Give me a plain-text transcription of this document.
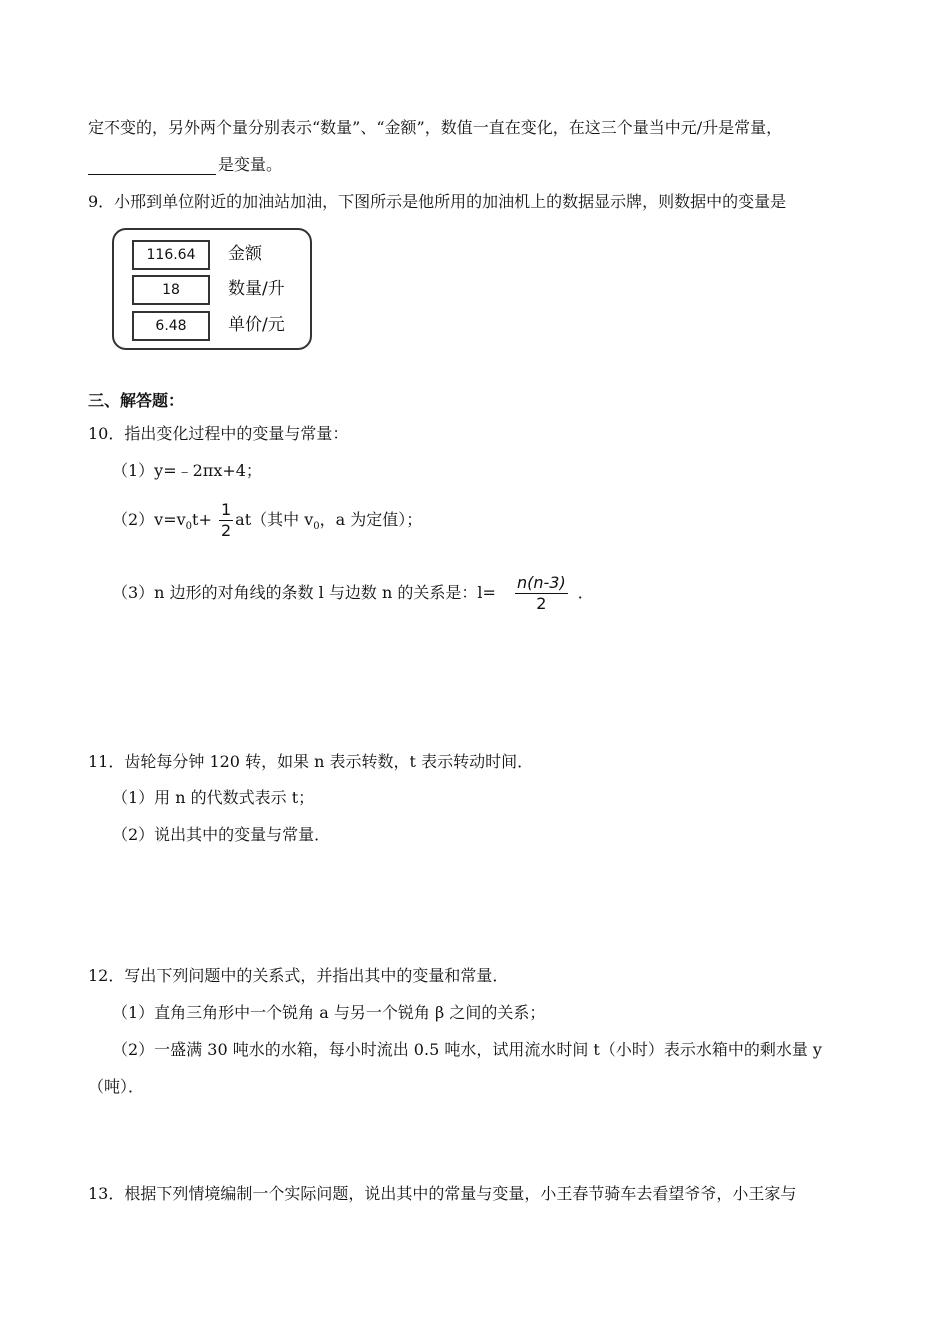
定不变的，另外两个量分别表示“数量”、“金额”，数值一直在变化，在这三个量当中元/升是常量，
是变量。
9．小邢到单位附近的加油站加油，下图所示是他所用的加油机上的数据显示牌，则数据中的变量是
116.64	金额
18	数量/升
6.48	单价/元
三、解答题：
10．指出变化过程中的变量与常量：
（1）y=﹣2πx+4；
$(2)v=v_0t+ \frac{1}{2} at$（其中 $v_0$，a 为定值）；
（3）n 边形的对角线的条数 l 与边数 n 的关系是：$l= \frac{n(n-3)}{2}$ ．
11．齿轮每分钟 120 转，如果 n 表示转数，t 表示转动时间．
（1）用 n 的代数式表示 t；
（2）说出其中的变量与常量．
12．写出下列问题中的关系式，并指出其中的变量和常量．
（1）直角三角形中一个锐角 a 与另一个锐角 β 之间的关系；
（2）一盛满 30 吨水的水箱，每小时流出 0.5 吨水，试用流水时间 t（小时）表示水箱中的剩水量 y
（吨）．
13．根据下列情境编制一个实际问题，说出其中的常量与变量，小王春节骑车去看望爷爷，小王家与
